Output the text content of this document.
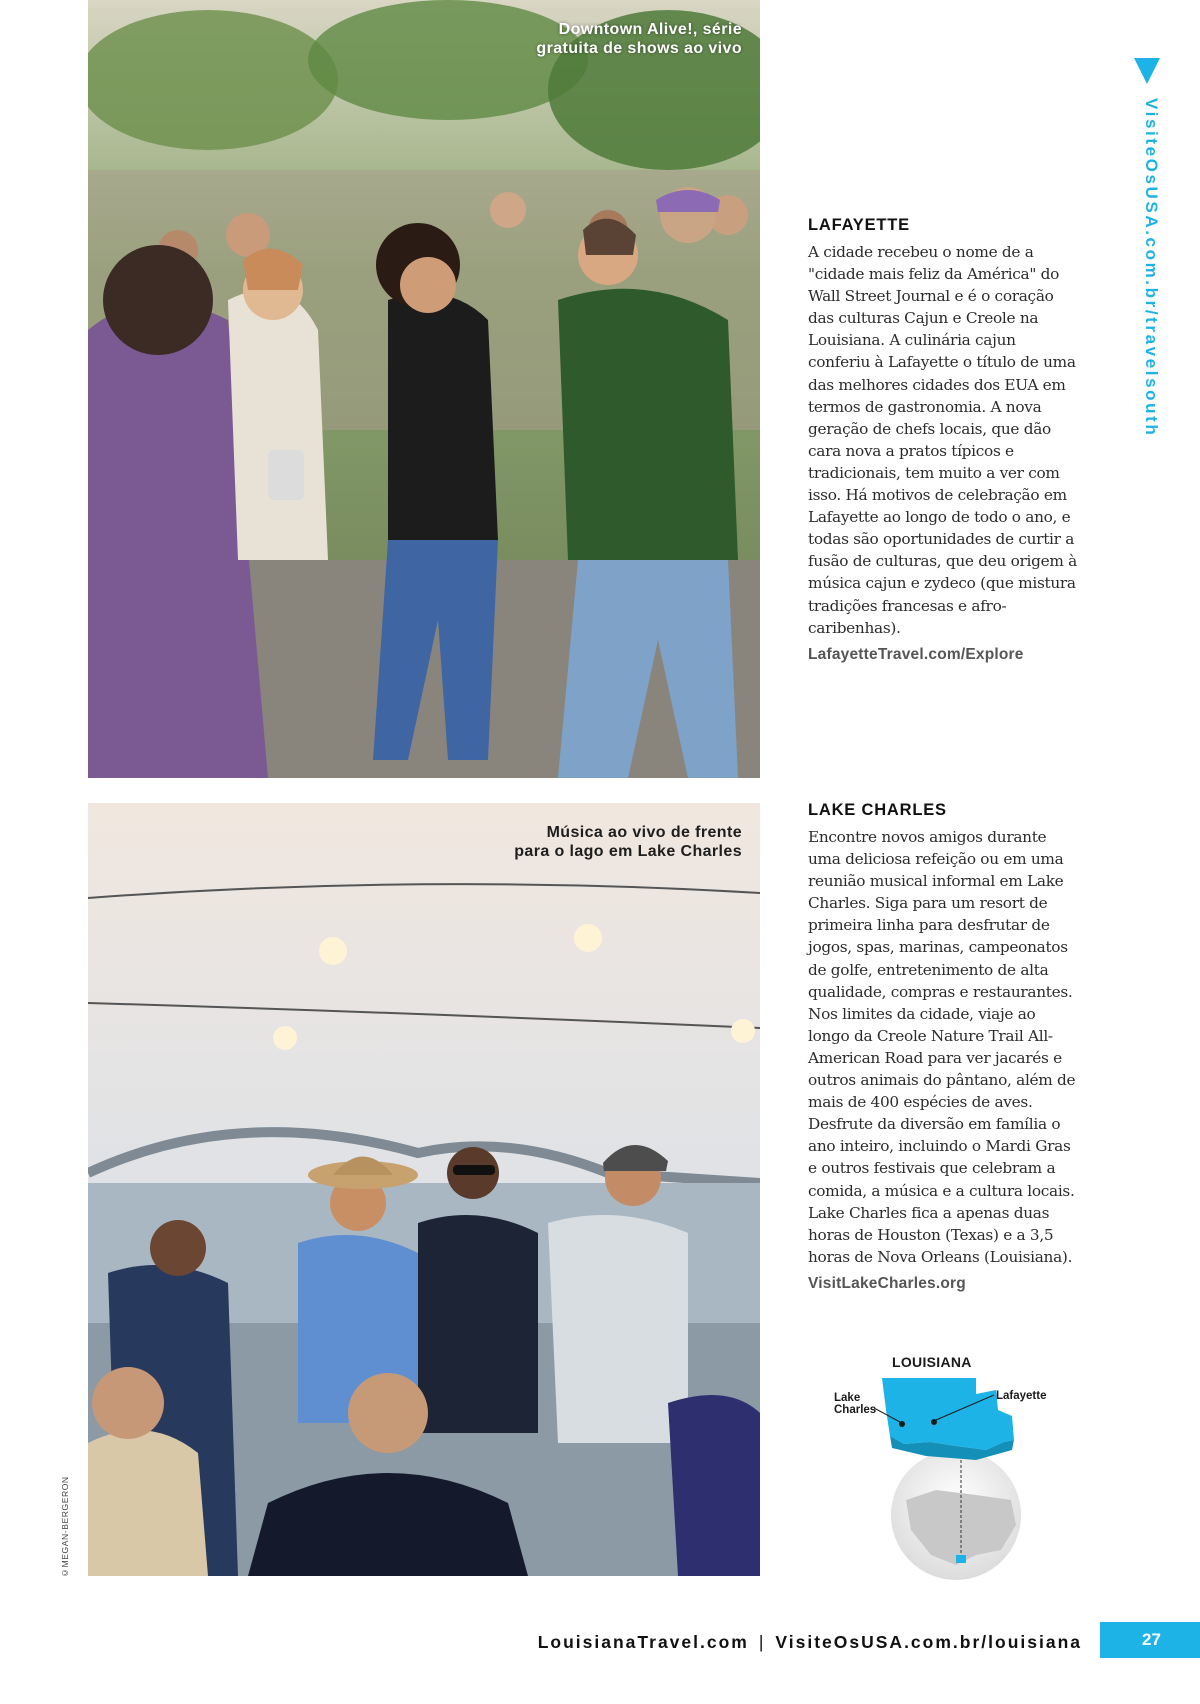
Downtown Alive!, série
gratuita de shows ao vivo
Música ao vivo de frente
para o lago em Lake Charles
LAFAYETTE

A cidade recebeu o nome de a "cidade mais feliz da América" do Wall Street Journal e é o coração das culturas Cajun e Creole na Louisiana. A culinária cajun conferiu à Lafayette o título de uma das melhores cidades dos EUA em termos de gastronomia. A nova geração de chefs locais, que dão cara nova a pratos típicos e tradicionais, tem muito a ver com isso. Há motivos de celebração em Lafayette ao longo de todo o ano, e todas são oportunidades de curtir a fusão de culturas, que deu origem à música cajun e zydeco (que mistura tradições francesas e afro-caribenhas).

LafayetteTravel.com/Explore
LAKE CHARLES

Encontre novos amigos durante uma deliciosa refeição ou em uma reunião musical informal em Lake Charles. Siga para um resort de primeira linha para desfrutar de jogos, spas, marinas, campeonatos de golfe, entretenimento de alta qualidade, compras e restaurantes. Nos limites da cidade, viaje ao longo da Creole Nature Trail All-American Road para ver jacarés e outros animais do pântano, além de mais de 400 espécies de aves. Desfrute da diversão em família o ano inteiro, incluindo o Mardi Gras e outros festivais que celebram a comida, a música e a cultura locais. Lake Charles fica a apenas duas horas de Houston (Texas) e a 3,5 horas de Nova Orleans (Louisiana).

VisitLakeCharles.org
VisiteOsUSA.com.br/travelsouth
©MEGAN-BERGERON
LOUISIANA
Lake
Charles
Lafayette
LouisianaTravel.com | VisiteOsUSA.com.br/louisiana	27
